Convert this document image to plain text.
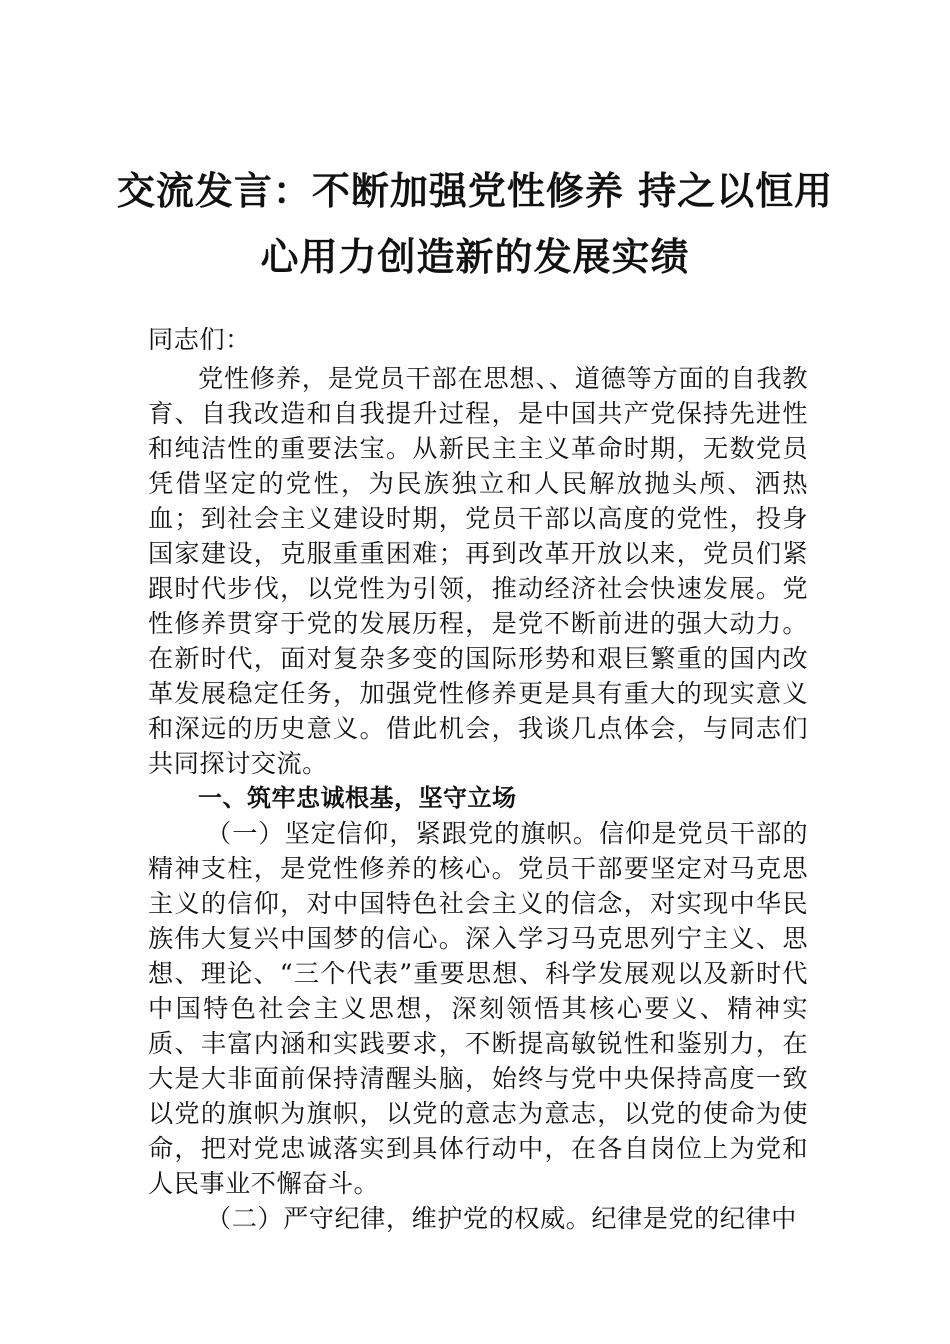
交流发言：不断加强党性修养 持之以恒用
心用力创造新的发展实绩

同志们：

党性修养，是党员干部在思想、、道德等方面的自我教育、自我改造和自我提升过程，是中国共产党保持先进性和纯洁性的重要法宝。从新民主主义革命时期，无数党员凭借坚定的党性，为民族独立和人民解放抛头颅、洒热血；到社会主义建设时期，党员干部以高度的党性，投身国家建设，克服重重困难；再到改革开放以来，党员们紧跟时代步伐，以党性为引领，推动经济社会快速发展。党性修养贯穿于党的发展历程，是党不断前进的强大动力。在新时代，面对复杂多变的国际形势和艰巨繁重的国内改革发展稳定任务，加强党性修养更是具有重大的现实意义和深远的历史意义。借此机会，我谈几点体会，与同志们共同探讨交流。

一、筑牢忠诚根基，坚守立场

（一）坚定信仰，紧跟党的旗帜。信仰是党员干部的精神支柱，是党性修养的核心。党员干部要坚定对马克思主义的信仰，对中国特色社会主义的信念，对实现中华民族伟大复兴中国梦的信心。深入学习马克思列宁主义、思想、理论、“三个代表”重要思想、科学发展观以及新时代中国特色社会主义思想，深刻领悟其核心要义、精神实质、丰富内涵和实践要求，不断提高敏锐性和鉴别力，在大是大非面前保持清醒头脑，始终与党中央保持高度一致以党的旗帜为旗帜，以党的意志为意志，以党的使命为使命，把对党忠诚落实到具体行动中，在各自岗位上为党和人民事业不懈奋斗。

（二）严守纪律，维护党的权威。纪律是党的纪律中
